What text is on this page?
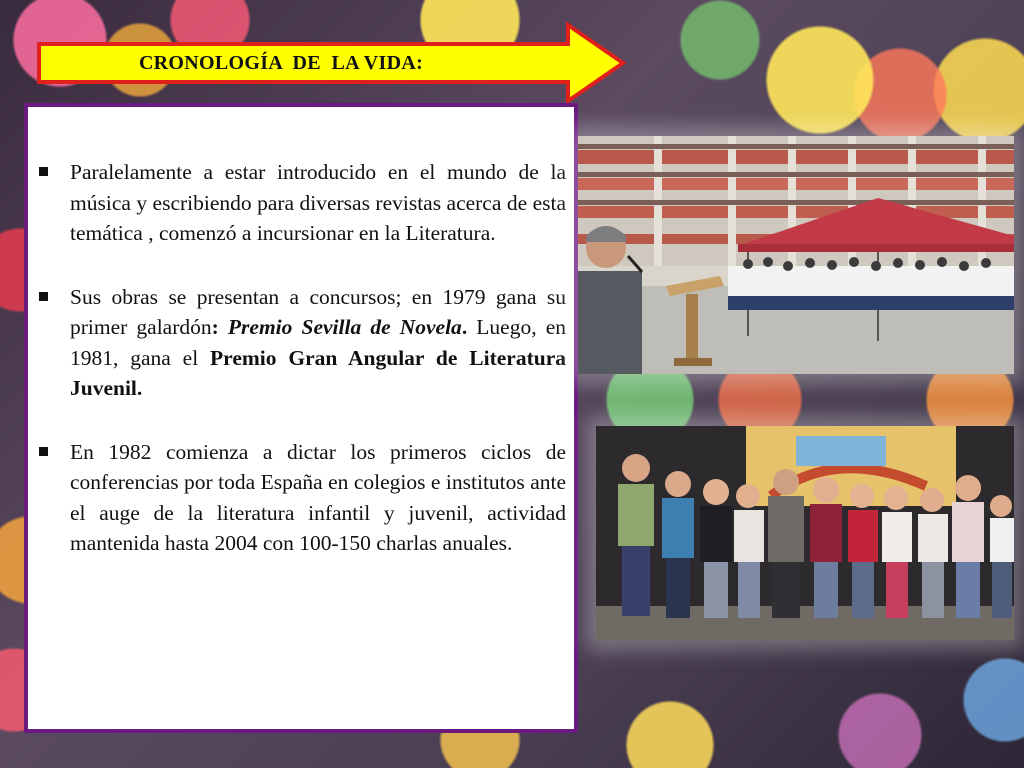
CRONOLOGÍA  DE  LA VIDA:
Paralelamente a estar introducido en el mundo de la música y escribiendo para diversas revistas acerca de esta temática , comenzó a incursionar en la Literatura.
Sus obras se presentan a concursos; en 1979 gana su primer galardón: Premio Sevilla de Novela. Luego, en 1981, gana el Premio Gran Angular de Literatura Juvenil.
En 1982 comienza a dictar los primeros ciclos de conferencias por toda España en colegios e institutos ante el auge de la literatura infantil y juvenil, actividad mantenida hasta 2004 con 100-150 charlas anuales.
